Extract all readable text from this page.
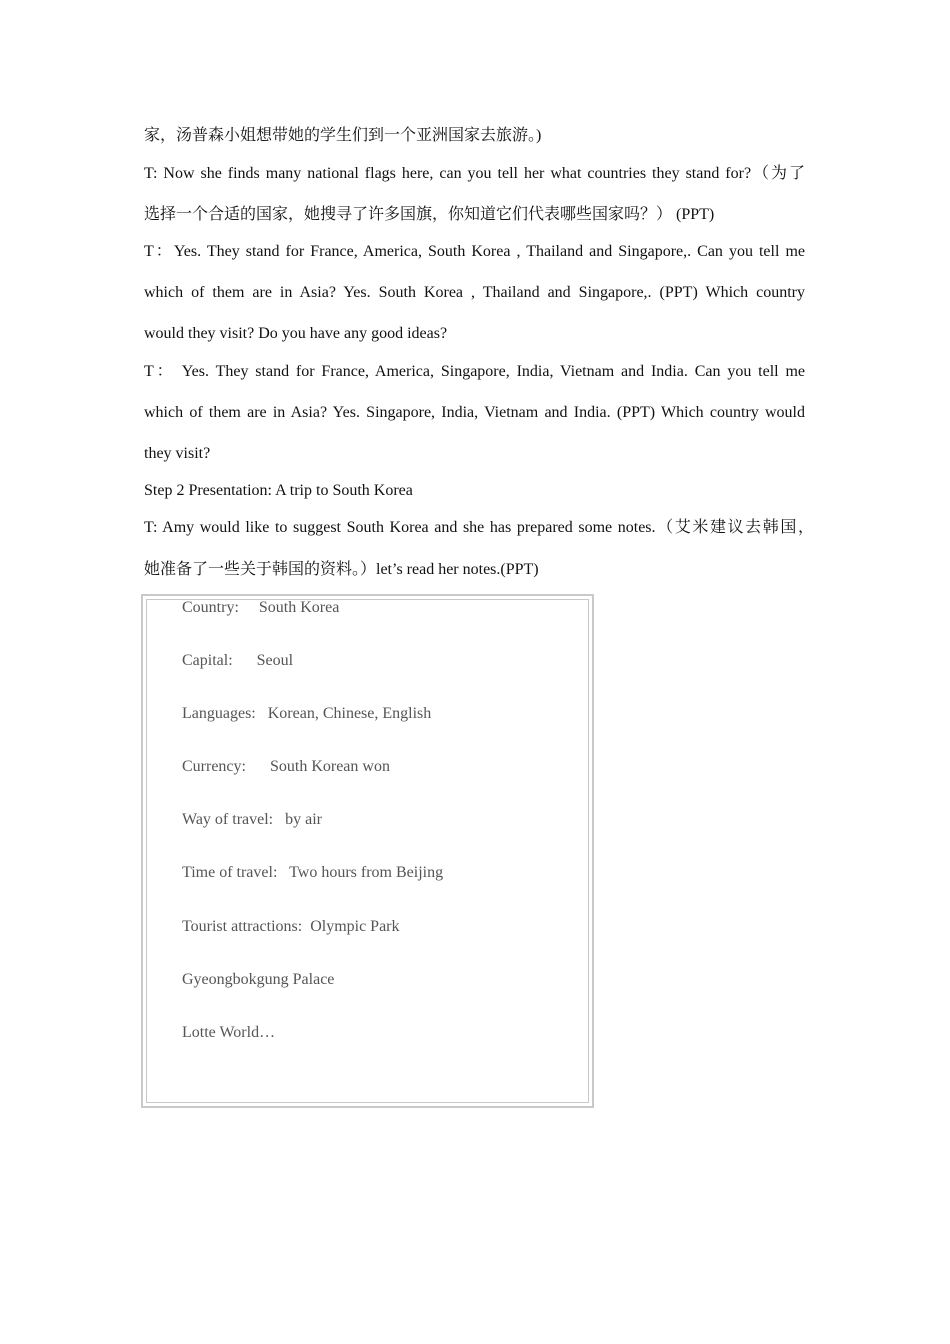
家，汤普森小姐想带她的学生们到一个亚洲国家去旅游。)
T: Now she finds many national flags here, can you tell her what countries they stand for?（为了
选择一个合适的国家，她搜寻了许多国旗，你知道它们代表哪些国家吗？） (PPT)
T：Yes. They stand for France, America, South Korea , Thailand and Singapore,. Can you tell me
which of them are in Asia? Yes. South Korea , Thailand and Singapore,. (PPT) Which country
would they visit? Do you have any good ideas?
T： Yes. They stand for France, America, Singapore, India, Vietnam and India. Can you tell me
which of them are in Asia? Yes. Singapore, India, Vietnam and India. (PPT) Which country would
they visit?
Step 2 Presentation: A trip to South Korea
T: Amy would like to suggest South Korea and she has prepared some notes.（艾米建议去韩国，
她准备了一些关于韩国的资料。）let’s read her notes.(PPT)
Country:     South Korea
Capital:      Seoul
Languages:   Korean, Chinese, English
Currency:      South Korean won
Way of travel:   by air
Time of travel:   Two hours from Beijing
Tourist attractions:  Olympic Park
Gyeongbokgung Palace
Lotte World…
